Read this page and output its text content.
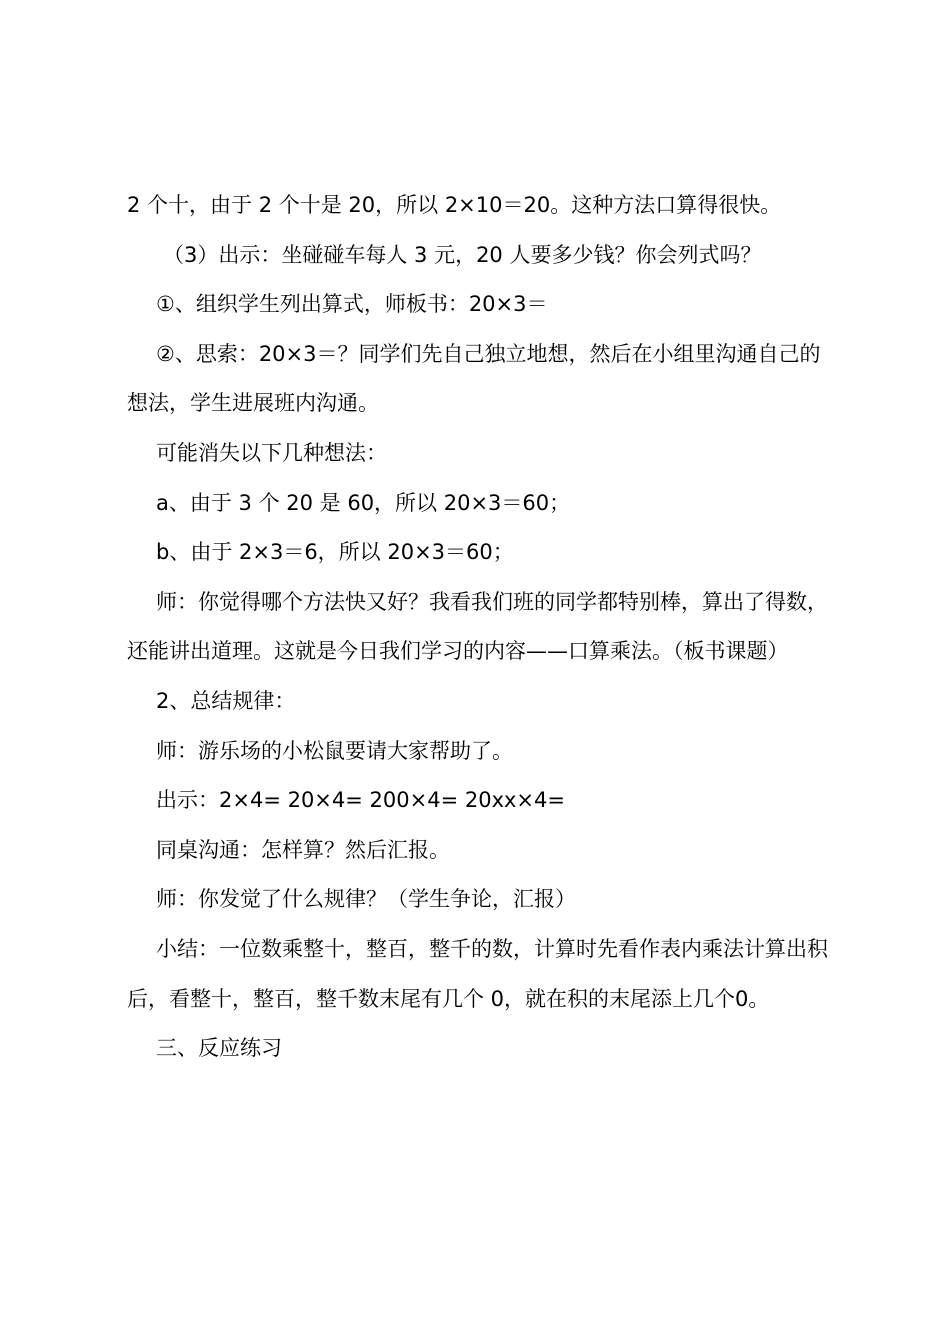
2 个十，由于 2 个十是 20，所以 2×10＝20。这种方法口算得很快。

（3）出示：坐碰碰车每人 3 元，20 人要多少钱？你会列式吗？

①、组织学生列出算式，师板书：20×3＝

②、思索：20×3＝？同学们先自己独立地想，然后在小组里沟通自己的想法，学生进展班内沟通。

可能消失以下几种想法：

a、由于 3 个 20 是 60，所以 20×3＝60；

b、由于 2×3＝6，所以 20×3＝60；

师：你觉得哪个方法快又好？我看我们班的同学都特别棒，算出了得数，还能讲出道理。这就是今日我们学习的内容——口算乘法。（板书课题）

2、总结规律：

师：游乐场的小松鼠要请大家帮助了。

出示：2×4= 20×4= 200×4= 20xx×4=

同桌沟通：怎样算？然后汇报。

师：你发觉了什么规律？（学生争论，汇报）

小结：一位数乘整十，整百，整千的数，计算时先看作表内乘法计算出积后，看整十，整百，整千数末尾有几个 0，就在积的末尾添上几个0。

三、反应练习
